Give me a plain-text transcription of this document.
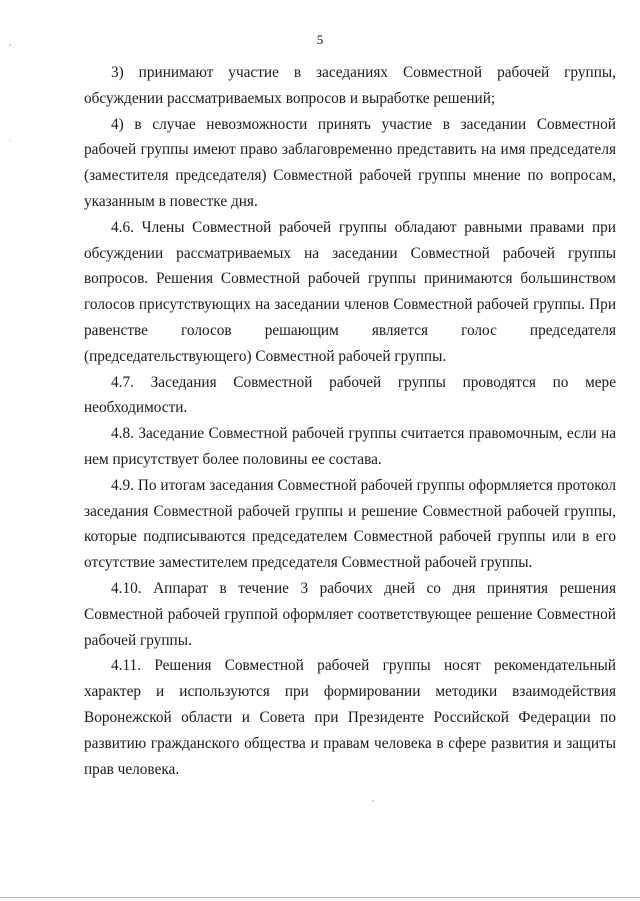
5

3) принимают участие в заседаниях Совместной рабочей группы, обсуждении рассматриваемых вопросов и выработке решений;

4) в случае невозможности принять участие в заседании Совместной рабочей группы имеют право заблаговременно представить на имя председателя (заместителя председателя) Совместной рабочей группы мнение по вопросам, указанным в повестке дня.

4.6. Члены Совместной рабочей группы обладают равными правами при обсуждении рассматриваемых на заседании Совместной рабочей группы вопросов. Решения Совместной рабочей группы принимаются большинством голосов присутствующих на заседании членов Совместной рабочей группы. При равенстве голосов решающим является голос председателя (председательствующего) Совместной рабочей группы.

4.7. Заседания Совместной рабочей группы проводятся по мере необходимости.

4.8. Заседание Совместной рабочей группы считается правомочным, если на нем присутствует более половины ее состава.

4.9. По итогам заседания Совместной рабочей группы оформляется протокол заседания Совместной рабочей группы и решение Совместной рабочей группы, которые подписываются председателем Совместной рабочей группы или в его отсутствие заместителем председателя Совместной рабочей группы.

4.10. Аппарат в течение 3 рабочих дней со дня принятия решения Совместной рабочей группой оформляет соответствующее решение Совместной рабочей группы.

4.11. Решения Совместной рабочей группы носят рекомендательный характер и используются при формировании методики взаимодействия Воронежской области и Совета при Президенте Российской Федерации по развитию гражданского общества и правам человека в сфере развития и защиты прав человека.
